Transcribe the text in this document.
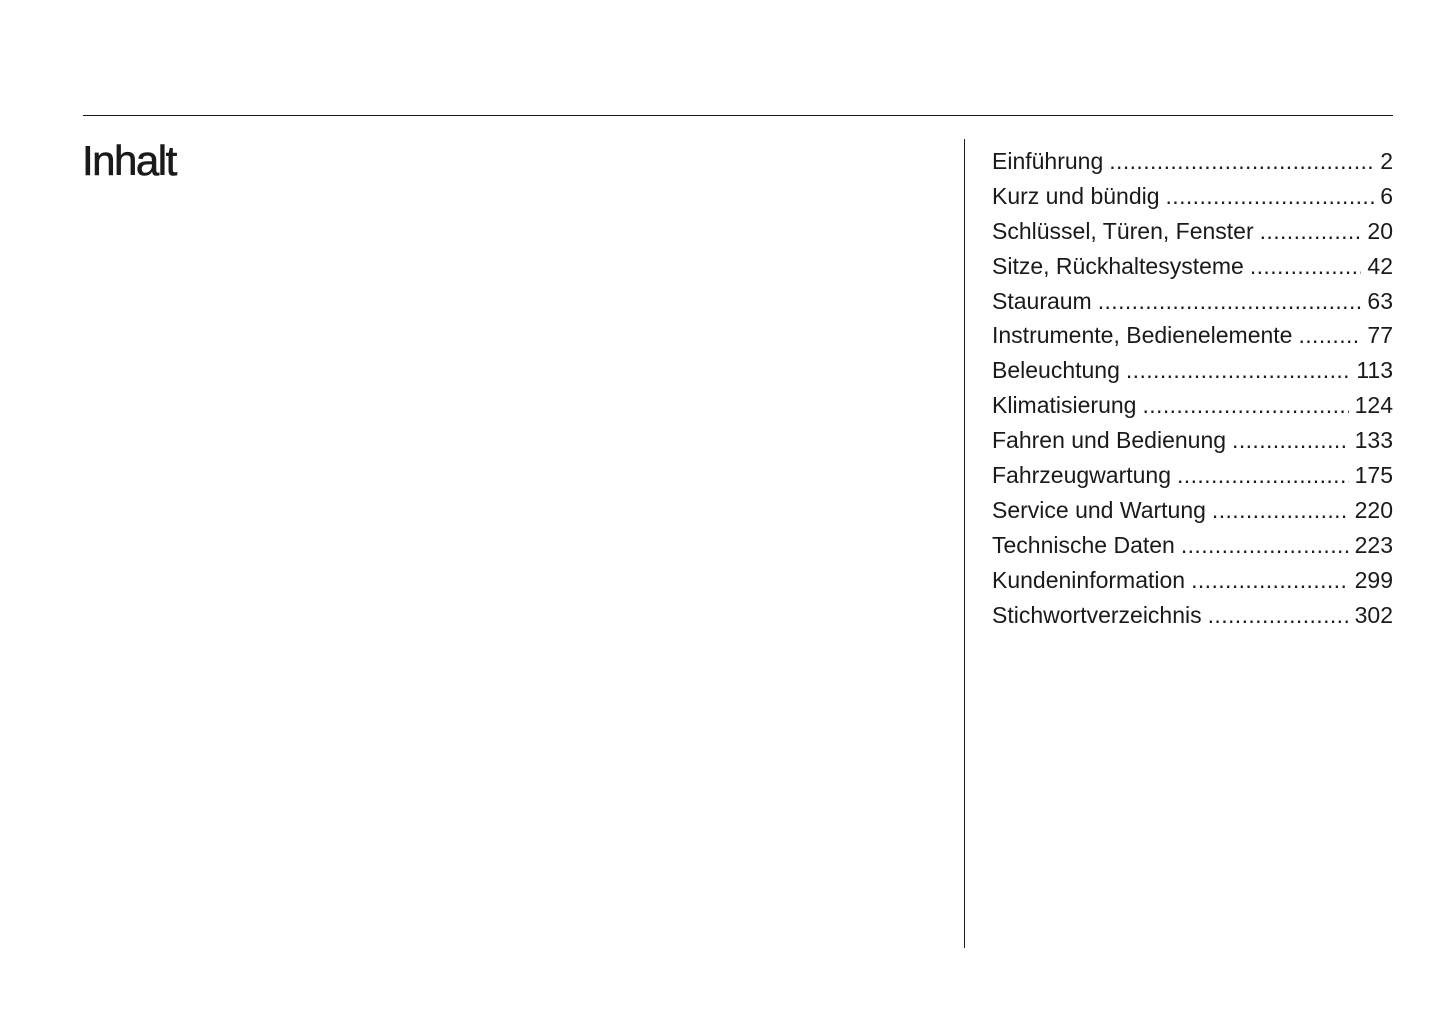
Inhalt	Einführung .....	2
Kurz und bündig .....	6
Schlüssel, Türen, Fenster .....	20
Sitze, Rückhaltesysteme .....	42
Stauraum .....	63
Instrumente, Bedienelemente .....	77
Beleuchtung .....	113
Klimatisierung .....	124
Fahren und Bedienung .....	133
Fahrzeugwartung .....	175
Service und Wartung .....	220
Technische Daten .....	223
Kundeninformation .....	299
Stichwortverzeichnis .....	302
